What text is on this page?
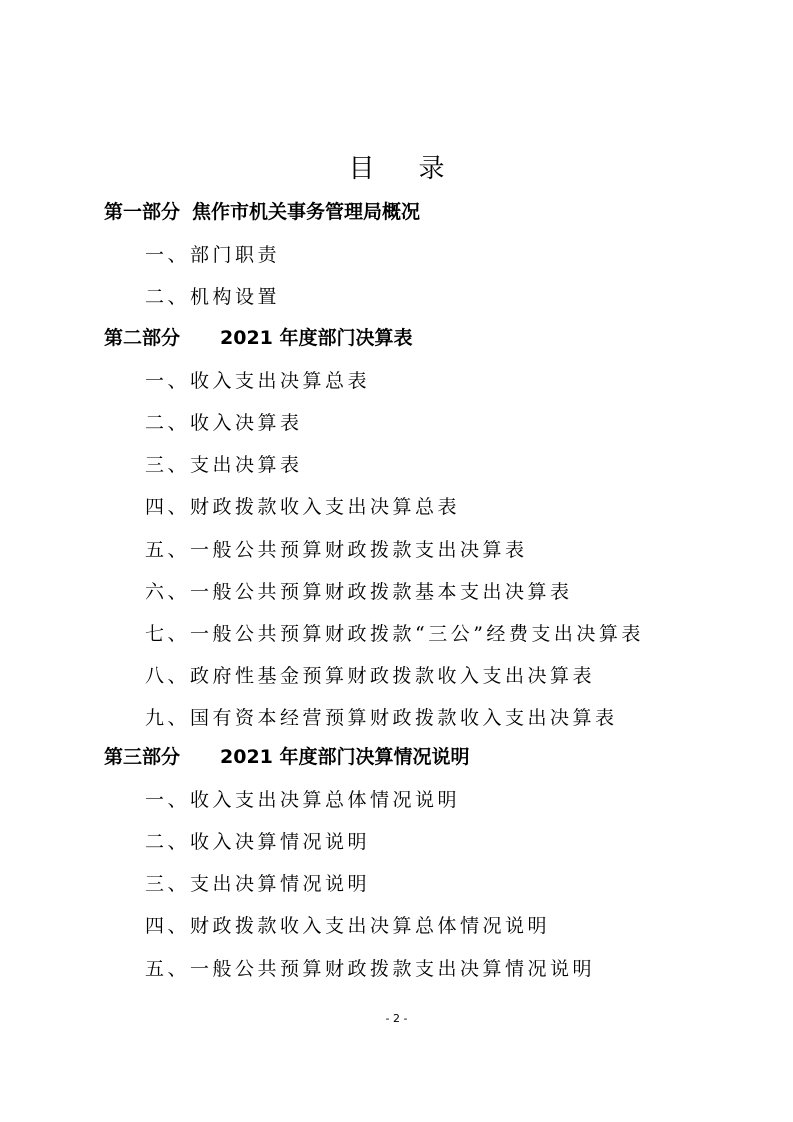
目录
第一部分 焦作市机关事务管理局概况
一、部门职责
二、机构设置
第二部分 2021 年度部门决算表
一、收入支出决算总表
二、收入决算表
三、支出决算表
四、财政拨款收入支出决算总表
五、一般公共预算财政拨款支出决算表
六、一般公共预算财政拨款基本支出决算表
七、一般公共预算财政拨款“三公”经费支出决算表
八、政府性基金预算财政拨款收入支出决算表
九、国有资本经营预算财政拨款收入支出决算表
第三部分 2021 年度部门决算情况说明
一、收入支出决算总体情况说明
二、收入决算情况说明
三、支出决算情况说明
四、财政拨款收入支出决算总体情况说明
五、一般公共预算财政拨款支出决算情况说明
- 2 -
